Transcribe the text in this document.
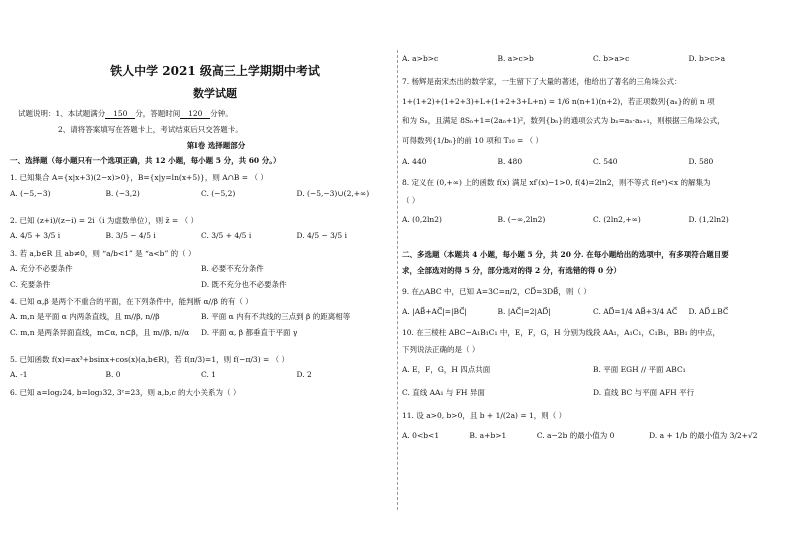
铁人中学 2021 级高三上学期期中考试
数学试题
试题说明：1、本试题满分 150 分，答题时间 120 分钟。
2、请将答案填写在答题卡上，考试结束后只交答题卡。
第Ⅰ卷 选择题部分
一、选择题（每小题只有一个选项正确，共 12 小题，每小题 5 分，共 60 分。）
1. 已知集合 A={x|x+3)(2−x)>0}，B={x|y=ln(x+5)}，则 A∩B = （ ）
A. (−5,−3)	B. (−3,2)	C. (−5,2)	D. (−5,−3)∪(2,+∞)
2. 已知 (z+i)/(z−i) = 2i（i 为虚数单位），则 z̄ = （ ）
A. 4/5 + 3/5 i	B. 3/5 − 4/5 i	C. 3/5 + 4/5 i	D. 4/5 − 3/5 i
3. 若 a,b∈R 且 ab≠0，则 “a/b<1” 是 “a<b” 的（ ）
A. 充分不必要条件	B. 必要不充分条件
C. 充要条件	D. 既不充分也不必要条件
4. 已知 α,β 是两个不重合的平面，在下列条件中，能判断 α//β 的有（ ）
A. m,n 是平面 α 内两条直线，且 m//β, n//β	B. 平面 α 内有不共线的三点到 β 的距离相等
C. m,n 是两条异面直线，m⊂α, n⊂β，且 m//β, n//α	D. 平面 α, β 都垂直于平面 γ
5. 已知函数 f(x)=ax³+bsinx+cos(x)(a,b∈R)，若 f(π/3)=1，则 f(−π/3) = （ ）
A. -1	B. 0	C. 1	D. 2
6. 已知 a=log₂24, b=log₃32, 3ᶜ=23，则 a,b,c 的大小关系为（ ）
A. a>b>c	B. a>c>b	C. b>a>c	D. b>c>a
7. 杨辉是南宋杰出的数学家，一生留下了大量的著述，他给出了著名的三角垛公式：
1+(1+2)+(1+2+3)+L+(1+2+3+L+n) = 1/6 n(n+1)(n+2)，若正项数列{aₙ}的前 n 项
和为 Sₙ，且满足 8Sₙ+1=(2aₙ+1)²，数列{bₙ}的通项公式为 bₙ=aₙ·aₙ₊₁，则根据三角垛公式，
可得数列{1/bₙ}的前 10 项和 T₁₀ = （ ）
A. 440	B. 480	C. 540	D. 580
8. 定义在 (0,+∞) 上的函数 f(x) 满足 xf′(x)−1>0, f(4)=2ln2，则不等式 f(eˣ)<x 的解集为
（ ）
A. (0,2ln2)	B. (−∞,2ln2)	C. (2ln2,+∞)	D. (1,2ln2)
二、多选题（本题共 4 小题，每小题 5 分，共 20 分. 在每小题给出的选项中，有多项符合题目要
求，全部选对的得 5 分，部分选对的得 2 分，有选错的得 0 分）
9. 在△ABC 中，已知 A=3C=π/2，CD⃗=3DB⃗，则（ ）
A. |AB⃗+AC⃗|=|BC⃗|	B. |AC⃗|=2|AD⃗|	C. AD⃗=1/4 AB⃗+3/4 AC⃗	D. AD⃗⊥BC⃗
10. 在三棱柱 ABC−A₁B₁C₁ 中，E，F，G，H 分别为线段 AA₁，A₁C₁，C₁B₁，BB₁ 的中点，
下列说法正确的是（ ）
A. E，F，G，H 四点共面	B. 平面 EGH // 平面 ABC₁
C. 直线 AA₁ 与 FH 异面	D. 直线 BC 与平面 AFH 平行
11. 设 a>0, b>0，且 b + 1/(2a) = 1，则（ ）
A. 0<b<1	B. a+b>1	C. a−2b 的最小值为 0	D. a + 1/b 的最小值为 3/2+√2
